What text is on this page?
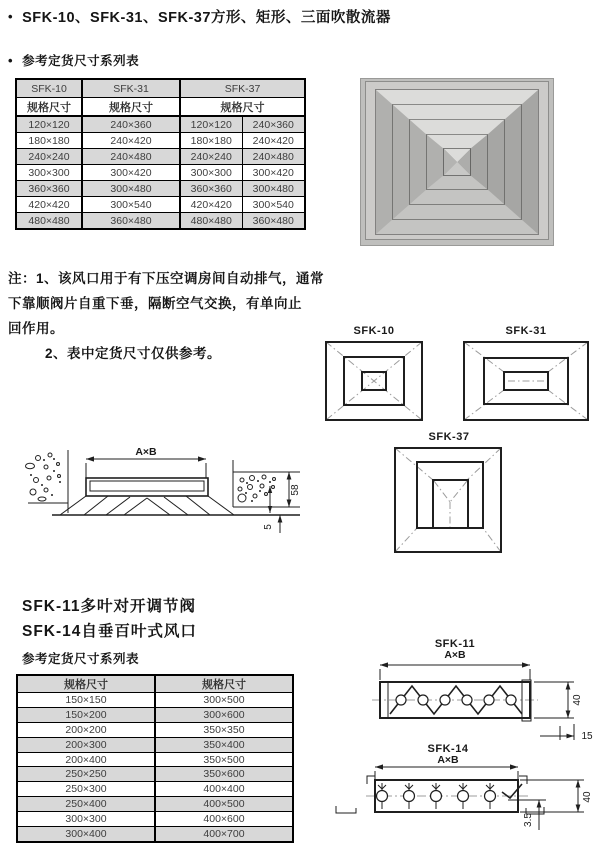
• SFK-10、SFK-31、SFK-37方形、矩形、三面吹散流器
• 参考定货尺寸系列表
SFK-10	SFK-31	SFK-37	
规格尺寸	规格尺寸	规格尺寸	
120×120	240×360	120×120	240×360
180×180	240×420	180×180	240×420
240×240	240×480	240×240	240×480
300×300	300×420	300×300	300×420
360×360	300×480	360×360	300×480
420×420	300×540	420×420	300×540
480×480	360×480	480×480	360×480
注：1、该风口用于有下压空调房间自动排气，通常
下靠顺阀片自重下垂，隔断空气交换，有单向止
回作用。
2、表中定货尺寸仅供参考。
SFK-10	SFK-31
SFK-37
A×B
58
5
SFK-11多叶对开调节阀
SFK-14自垂百叶式风口
参考定货尺寸系列表
规格尺寸	规格尺寸
150×150	300×500
150×200	300×600
200×200	350×350
200×300	350×400
200×400	350×500
250×250	350×600
250×300	400×400
250×400	400×500
300×300	400×600
300×400	400×700
SFK-11
A×B
40
15
SFK-14
A×B
40
3.5
